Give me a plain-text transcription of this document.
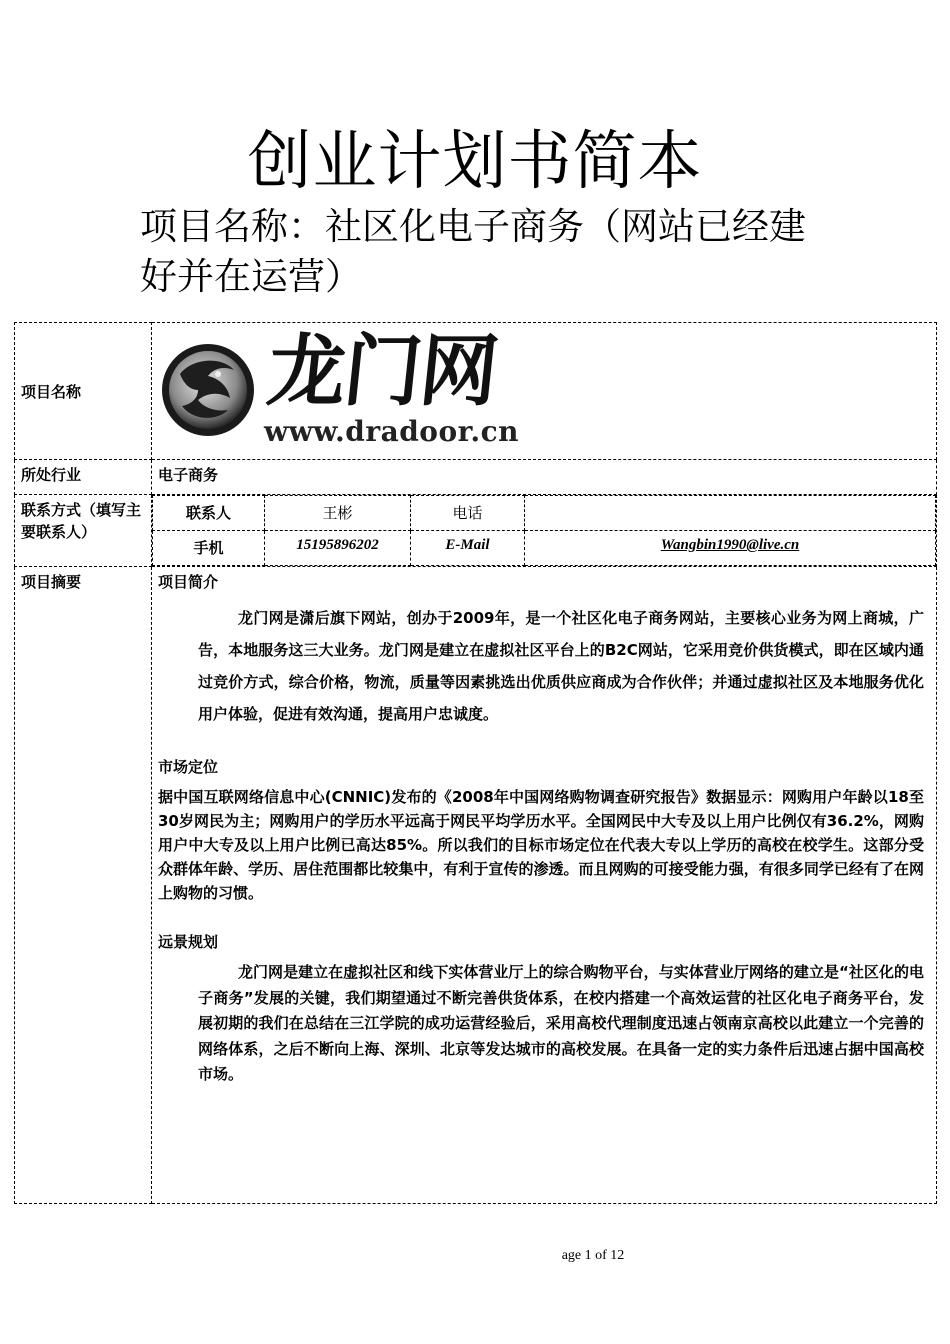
创业计划书简本
项目名称：社区化电子商务（网站已经建好并在运营）
项目名称	龙门网
www.dradoor.cn

所处行业	电子商务
联系方式（填写主要联系人）	
联系人	王彬	电话	
手机	15195896202	E-Mail	Wangbin1990@live.cn

项目摘要	项目简介

龙门网是潇后旗下网站，创办于2009年，是一个社区化电子商务网站，主要核心业务为网上商城，广告，本地服务这三大业务。龙门网是建立在虚拟社区平台上的B2C网站，它采用竞价供货模式，即在区域内通过竞价方式，综合价格，物流，质量等因素挑选出优质供应商成为合作伙伴；并通过虚拟社区及本地服务优化用户体验，促进有效沟通，提高用户忠诚度。

市场定位

据中国互联网络信息中心(CNNIC)发布的《2008年中国网络购物调查研究报告》数据显示：网购用户年龄以18至30岁网民为主；网购用户的学历水平远高于网民平均学历水平。全国网民中大专及以上用户比例仅有36.2%，网购用户中大专及以上用户比例已高达85%。所以我们的目标市场定位在代表大专以上学历的高校在校学生。这部分受众群体年龄、学历、居住范围都比较集中，有利于宣传的渗透。而且网购的可接受能力强，有很多同学已经有了在网上购物的习惯。

远景规划

龙门网是建立在虚拟社区和线下实体营业厅上的综合购物平台，与实体营业厅网络的建立是“社区化的电子商务”发展的关键，我们期望通过不断完善供货体系，在校内搭建一个高效运营的社区化电子商务平台，发展初期的我们在总结在三江学院的成功运营经验后，采用高校代理制度迅速占领南京高校以此建立一个完善的网络体系，之后不断向上海、深圳、北京等发达城市的高校发展。在具备一定的实力条件后迅速占据中国高校市场。

age 1 of 12
